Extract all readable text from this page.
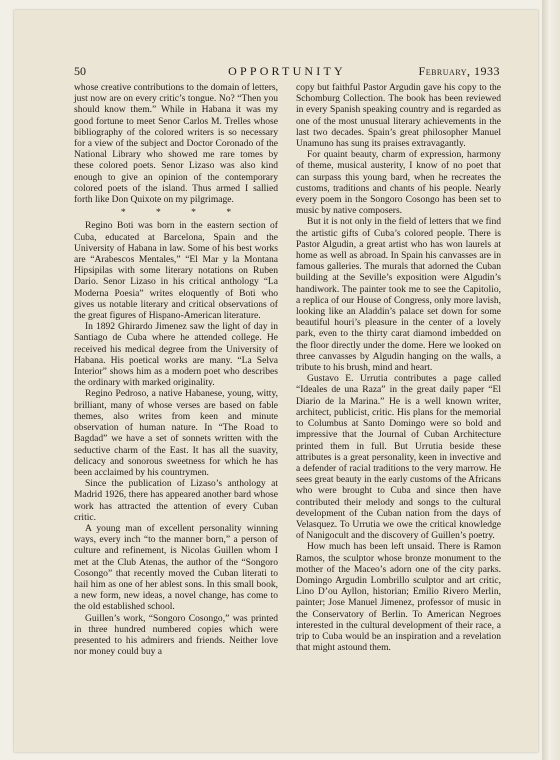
50	OPPORTUNITY	February, 1933

whose creative contributions to the domain of letters, just now are on every critic’s tongue. No? “Then you should know them.” While in Habana it was my good fortune to meet Senor Carlos M. Trelles whose bibliography of the colored writers is so necessary for a view of the subject and Doctor Coronado of the National Library who showed me rare tomes by these colored poets. Senor Lizaso was also kind enough to give an opinion of the contemporary colored poets of the island. Thus armed I sallied forth like Don Quixote on my pilgrimage.

* * * *

Regino Boti was born in the eastern section of Cuba, educated at Barcelona, Spain and the University of Habana in law. Some of his best works are “Arabescos Mentales,” “El Mar y la Montana Hipsipilas with some literary notations on Ruben Dario. Senor Lizaso in his critical anthology “La Moderna Poesia” writes eloquently of Boti who gives us notable literary and critical observations of the great figures of Hispano-American literature.

In 1892 Ghirardo Jimenez saw the light of day in Santiago de Cuba where he attended college. He received his medical degree from the University of Habana. His poetical works are many. “La Selva Interior” shows him as a modern poet who describes the ordinary with marked originality.

Regino Pedroso, a native Habanese, young, witty, brilliant, many of whose verses are based on fable themes, also writes from keen and minute observation of human nature. In “The Road to Bagdad” we have a set of sonnets written with the seductive charm of the East. It has all the suavity, delicacy and sonorous sweetness for which he has been acclaimed by his countrymen.

Since the publication of Lizaso’s anthology at Madrid 1926, there has appeared another bard whose work has attracted the attention of every Cuban critic.

A young man of excellent personality winning ways, every inch “to the manner born,” a person of culture and refinement, is Nicolas Guillen whom I met at the Club Atenas, the author of the “Songoro Cosongo” that recently moved the Cuban literati to hail him as one of her ablest sons. In this small book, a new form, new ideas, a novel change, has come to the old established school.

Guillen’s work, “Songoro Cosongo,” was printed in three hundred numbered copies which were presented to his admirers and friends. Neither love nor money could buy a

copy but faithful Pastor Argudin gave his copy to the Schomburg Collection. The book has been reviewed in every Spanish speaking country and is regarded as one of the most unusual literary achievements in the last two decades. Spain’s great philosopher Manuel Unamuno has sung its praises extravagantly.

For quaint beauty, charm of expression, harmony of theme, musical austerity, I know of no poet that can surpass this young bard, when he recreates the customs, traditions and chants of his people. Nearly every poem in the Songoro Cosongo has been set to music by native composers.

But it is not only in the field of letters that we find the artistic gifts of Cuba’s colored people. There is Pastor Algudin, a great artist who has won laurels at home as well as abroad. In Spain his canvasses are in famous galleries. The murals that adorned the Cuban building at the Seville’s exposition were Algudin’s handiwork. The painter took me to see the Capitolio, a replica of our House of Congress, only more lavish, looking like an Aladdin’s palace set down for some beautiful houri’s pleasure in the center of a lovely park, even to the thirty carat diamond imbedded on the floor directly under the dome. Here we looked on three canvasses by Algudin hanging on the walls, a tribute to his brush, mind and heart.

Gustavo E. Urrutia contributes a page called “Ideales de una Raza” in the great daily paper “El Diario de la Marina.” He is a well known writer, architect, publicist, critic. His plans for the memorial to Columbus at Santo Domingo were so bold and impressive that the Journal of Cuban Architecture printed them in full. But Urrutia beside these attributes is a great personality, keen in invective and a defender of racial traditions to the very marrow. He sees great beauty in the early customs of the Africans who were brought to Cuba and since then have contributed their melody and songs to the cultural development of the Cuban nation from the days of Velasquez. To Urrutia we owe the critical knowledge of Nanigocult and the discovery of Guillen’s poetry.

How much has been left unsaid. There is Ramon Ramos, the sculptor whose bronze monument to the mother of the Maceo’s adorn one of the city parks. Domingo Argudin Lombrillo sculptor and art critic, Lino D’ou Ayllon, historian; Emilio Rivero Merlin, painter; Jose Manuel Jimenez, professor of music in the Conservatory of Berlin. To American Negroes interested in the cultural development of their race, a trip to Cuba would be an inspiration and a revelation that might astound them.
